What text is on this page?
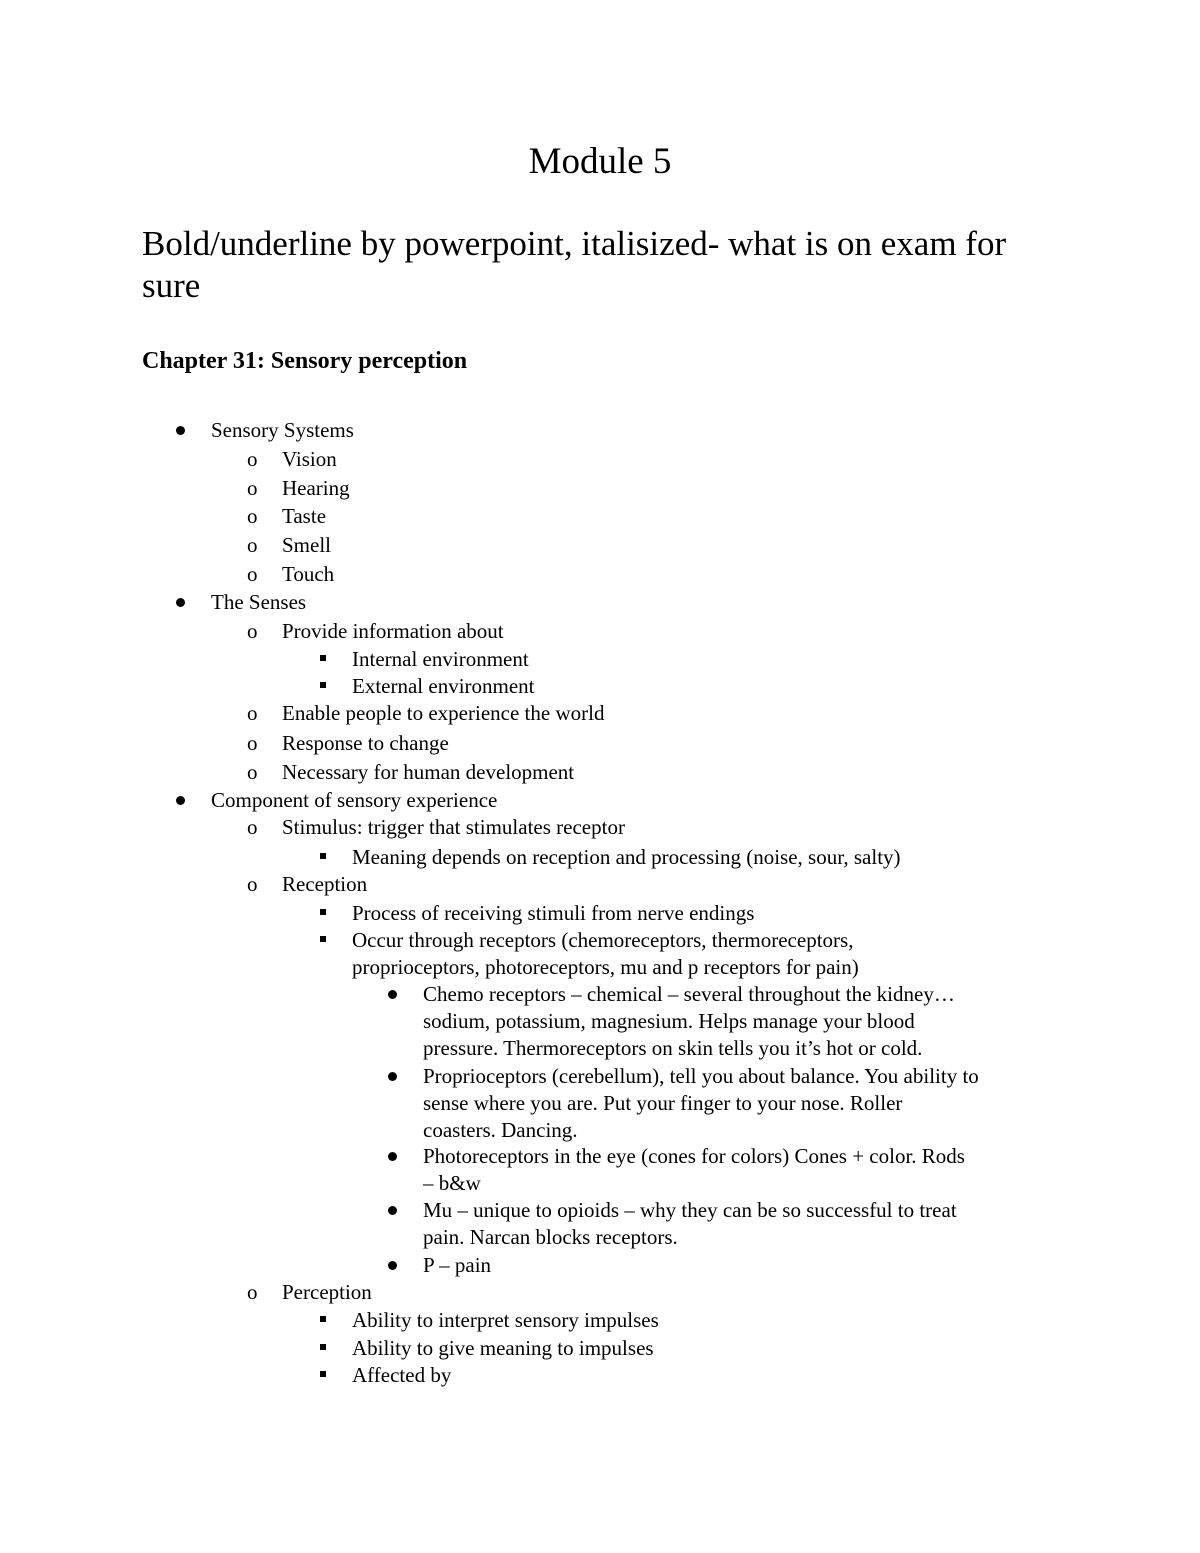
Module 5
Bold/underline by powerpoint, italisized- what is on exam for
sure
Chapter 31: Sensory perception
Sensory Systems
o Vision
o Hearing
o Taste
o Smell
o Touch
The Senses
o Provide information about
Internal environment
External environment
o Enable people to experience the world
o Response to change
o Necessary for human development
Component of sensory experience
o Stimulus: trigger that stimulates receptor
Meaning depends on reception and processing (noise, sour, salty)
o Reception
Process of receiving stimuli from nerve endings
Occur through receptors (chemoreceptors, thermoreceptors,
proprioceptors, photoreceptors, mu and p receptors for pain)
Chemo receptors – chemical – several throughout the kidney…
sodium, potassium, magnesium. Helps manage your blood
pressure. Thermoreceptors on skin tells you it’s hot or cold.
Proprioceptors (cerebellum), tell you about balance. You ability to
sense where you are. Put your finger to your nose. Roller
coasters. Dancing.
Photoreceptors in the eye (cones for colors) Cones + color. Rods
– b&w
Mu – unique to opioids – why they can be so successful to treat
pain. Narcan blocks receptors.
P – pain
o Perception
Ability to interpret sensory impulses
Ability to give meaning to impulses
Affected by
